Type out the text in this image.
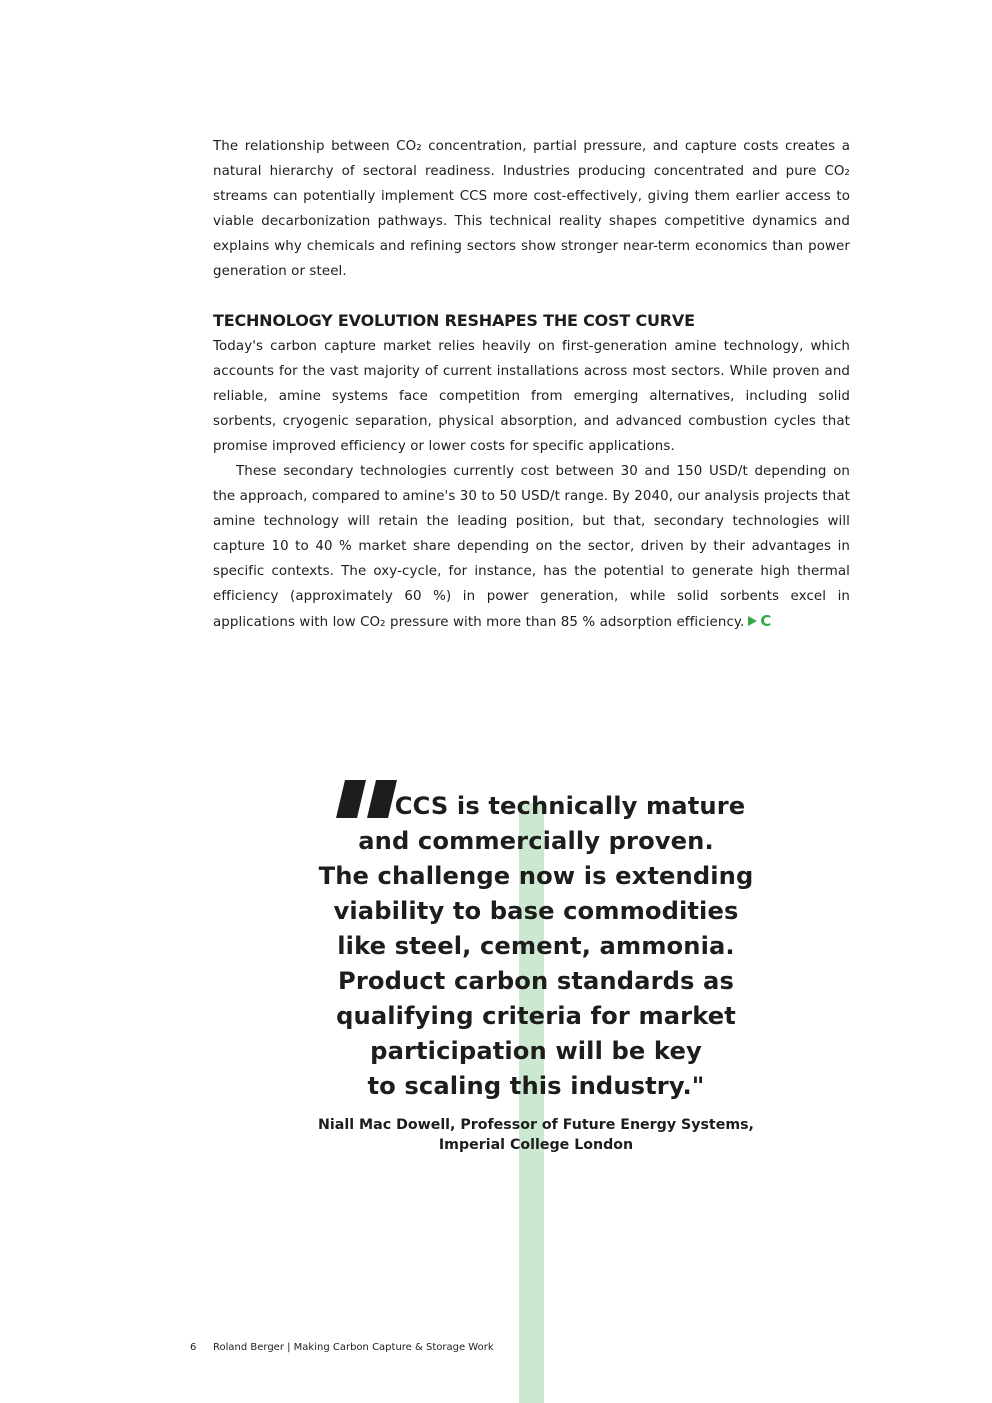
The relationship between CO₂ concentration, partial pressure, and capture costs creates a natural hierarchy of sectoral readiness. Industries producing concentrated and pure CO₂ streams can potentially implement CCS more cost-effectively, giving them earlier access to viable decarbonization pathways. This technical reality shapes competitive dynamics and explains why chemicals and refining sectors show stronger near-term economics than power generation or steel.

TECHNOLOGY EVOLUTION RESHAPES THE COST CURVE

Today's carbon capture market relies heavily on first-generation amine technology, which accounts for the vast majority of current installations across most sectors. While proven and reliable, amine systems face competition from emerging alternatives, including solid sorbents, cryogenic separation, physical absorption, and advanced combustion cycles that promise improved efficiency or lower costs for specific applications.

These secondary technologies currently cost between 30 and 150 USD/t depending on the approach, compared to amine's 30 to 50 USD/t range. By 2040, our analysis projects that amine technology will retain the leading position, but that, secondary technologies will capture 10 to 40 % market share depending on the sector, driven by their advantages in specific contexts. The oxy-cycle, for instance, has the potential to generate high thermal efficiency (approximately 60 %) in power generation, while solid sorbents excel in applications with low CO₂ pressure with more than 85 % adsorption efficiency. C

CCS is technically mature
and commercially proven.
The challenge now is extending
viability to base commodities
like steel, cement, ammonia.
Product carbon standards as
qualifying criteria for market
participation will be key
to scaling this industry."

Niall Mac Dowell, Professor of Future Energy Systems,
Imperial College London

6 Roland Berger | Making Carbon Capture & Storage Work
